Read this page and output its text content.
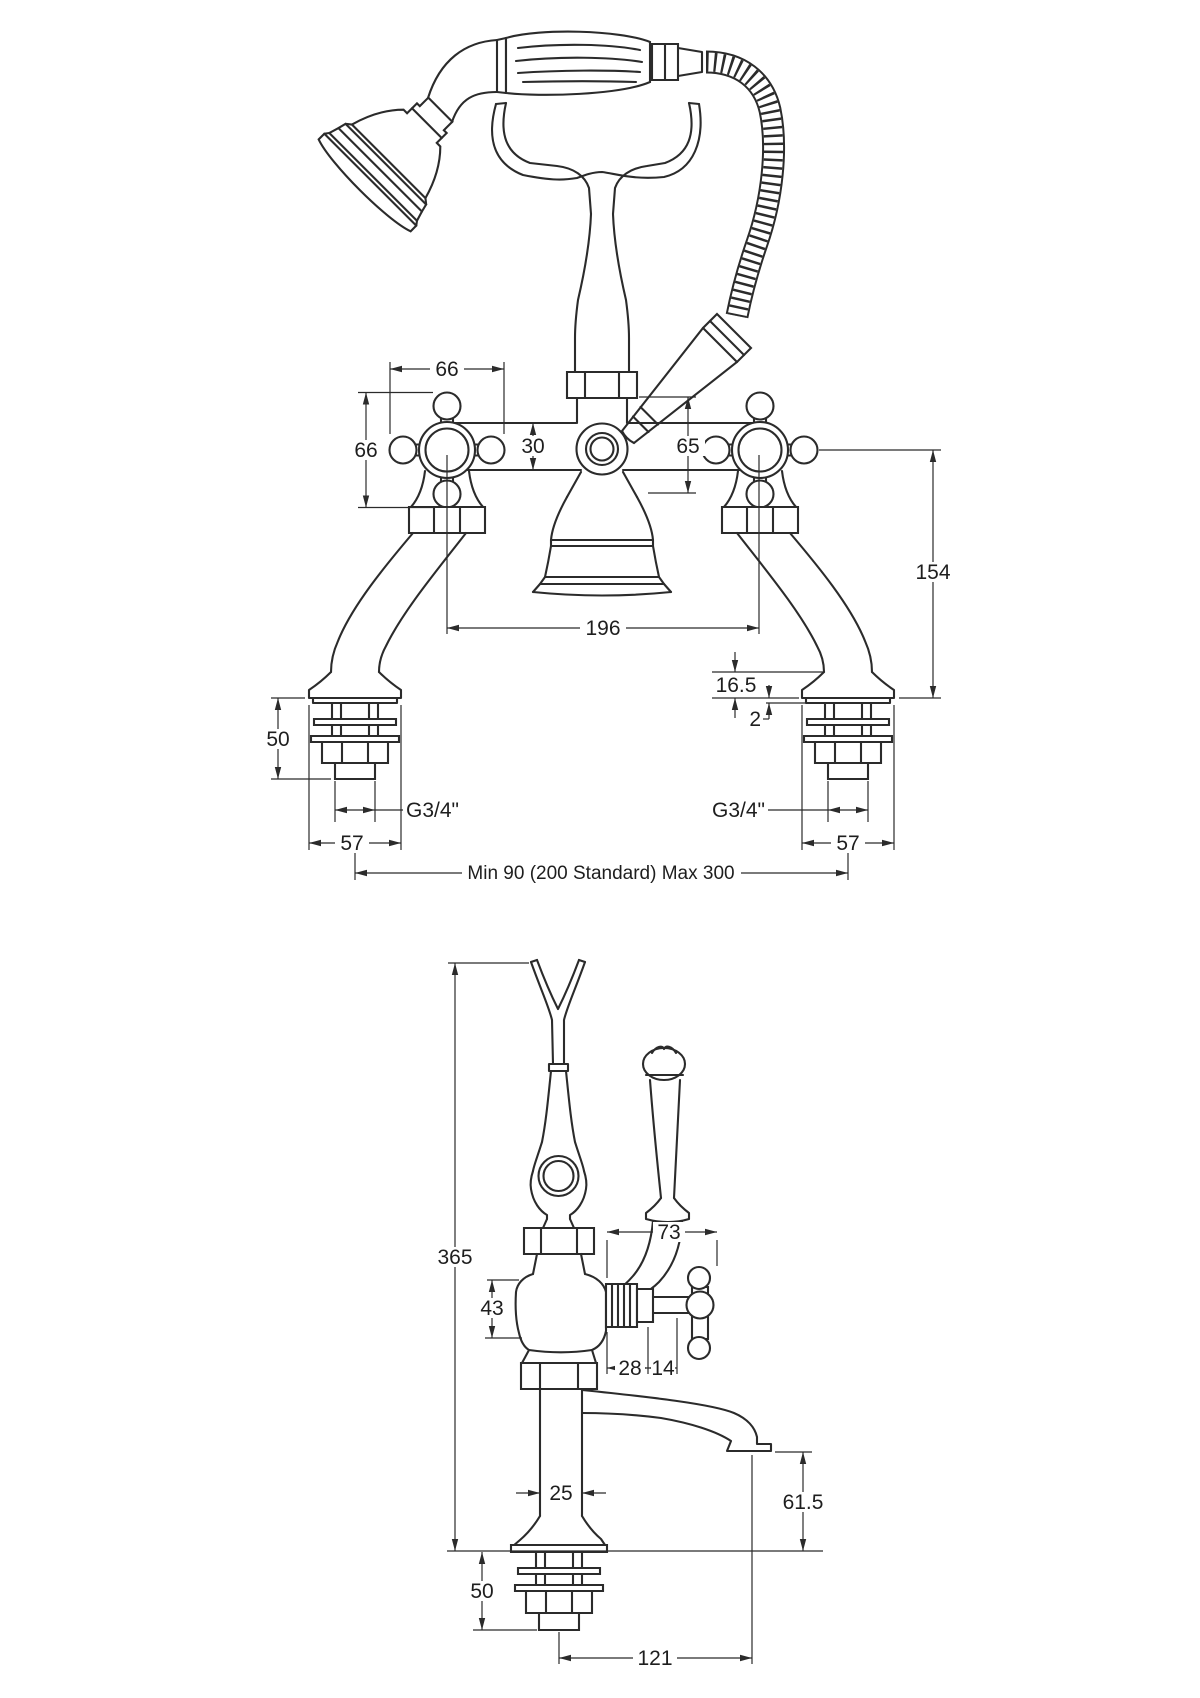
66
66	30	65
154
196
16.5
2
50
G3/4"	G3/4"
57	57
Min 90 (200 Standard) Max 300
365
73
43
28 14
25	61.5
50
121
